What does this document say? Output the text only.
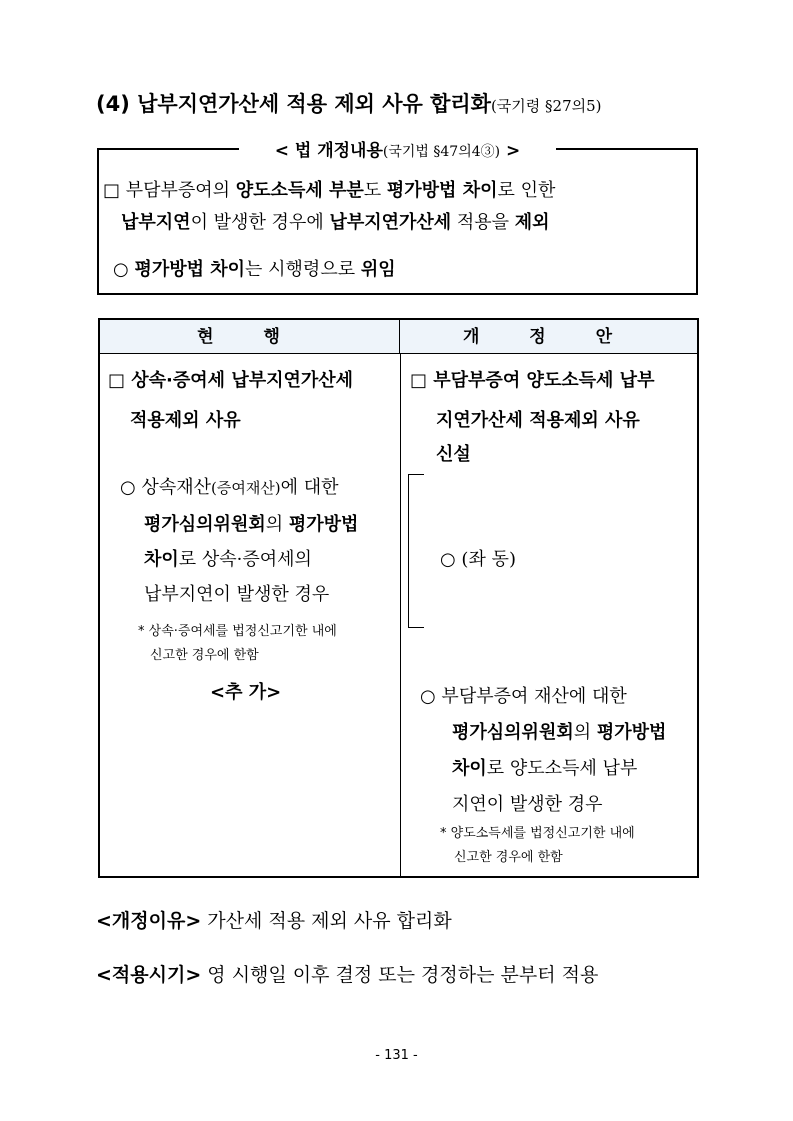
(4) 납부지연가산세 적용 제외 사유 합리화(국기령 §27의5)
< 법 개정내용(국기법 §47의4③) >
□ 부담부증여의 양도소득세 부분도 평가방법 차이로 인한
납부지연이 발생한 경우에 납부지연가산세 적용을 제외
○ 평가방법 차이는 시행령으로 위임
현 행	개 정 안
□ 상속·증여세 납부지연가산세
적용제외 사유
○ 상속재산(증여재산)에 대한
평가심의위원회의 평가방법
차이로 상속·증여세의
납부지연이 발생한 경우
* 상속·증여세를 법정신고기한 내에
신고한 경우에 한함
<추 가>
□ 부담부증여 양도소득세 납부
지연가산세 적용제외 사유
신설
○ (좌 동)
○ 부담부증여 재산에 대한
평가심의위원회의 평가방법
차이로 양도소득세 납부
지연이 발생한 경우
* 양도소득세를 법정신고기한 내에
신고한 경우에 한함
<개정이유> 가산세 적용 제외 사유 합리화
<적용시기> 영 시행일 이후 결정 또는 경정하는 분부터 적용
- 131 -
